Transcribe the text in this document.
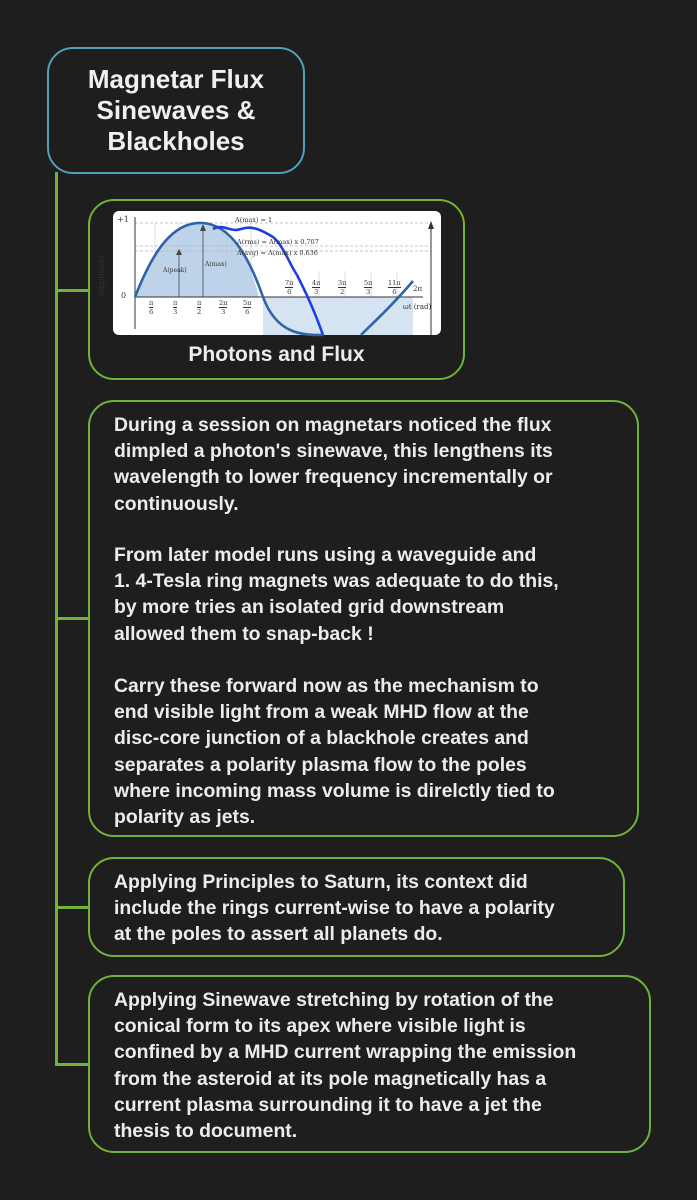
Magnetar Flux Sinewaves & Blackholes
+1
0
Amplitude
A(max) = 1
A(rms) = A(max) x 0.707
A(avg) = A(max) x 0.636
A(peak)
A(max)
ωt (rad)
2π
$\frac{\pi}{6}$	$\frac{\pi}{3}$	$\frac{\pi}{2}$	$\frac{2\pi}{3} \frac{5\pi}{6}$
$\frac{7\pi}{6}$	$\frac{4\pi}{3}$	$\frac{3\pi}{2}$	$\frac{5\pi}{3} \frac{11\pi}{6}$
Photons and Flux
During a session on magnetars noticed the flux
dimpled a photon's sinewave, this lengthens its
wavelength to lower frequency incrementally or
continuously.
From later model runs using a waveguide and
1. 4-Tesla ring magnets was adequate to do this,
by more tries an isolated grid downstream
allowed them to snap-back !
Carry these forward now as the mechanism to
end visible light from a weak MHD flow at the
disc-core junction of a blackhole creates and
separates a polarity plasma flow to the poles
where incoming mass volume is direlctly tied to
polarity as jets.
Applying Principles to Saturn, its context did
include the rings current-wise to have a polarity
at the poles to assert all planets do.
Applying Sinewave stretching by rotation of the
conical form to its apex where visible light is
confined by a MHD current wrapping the emission
from the asteroid at its pole magnetically has a
current plasma surrounding it to have a jet the
thesis to document.
